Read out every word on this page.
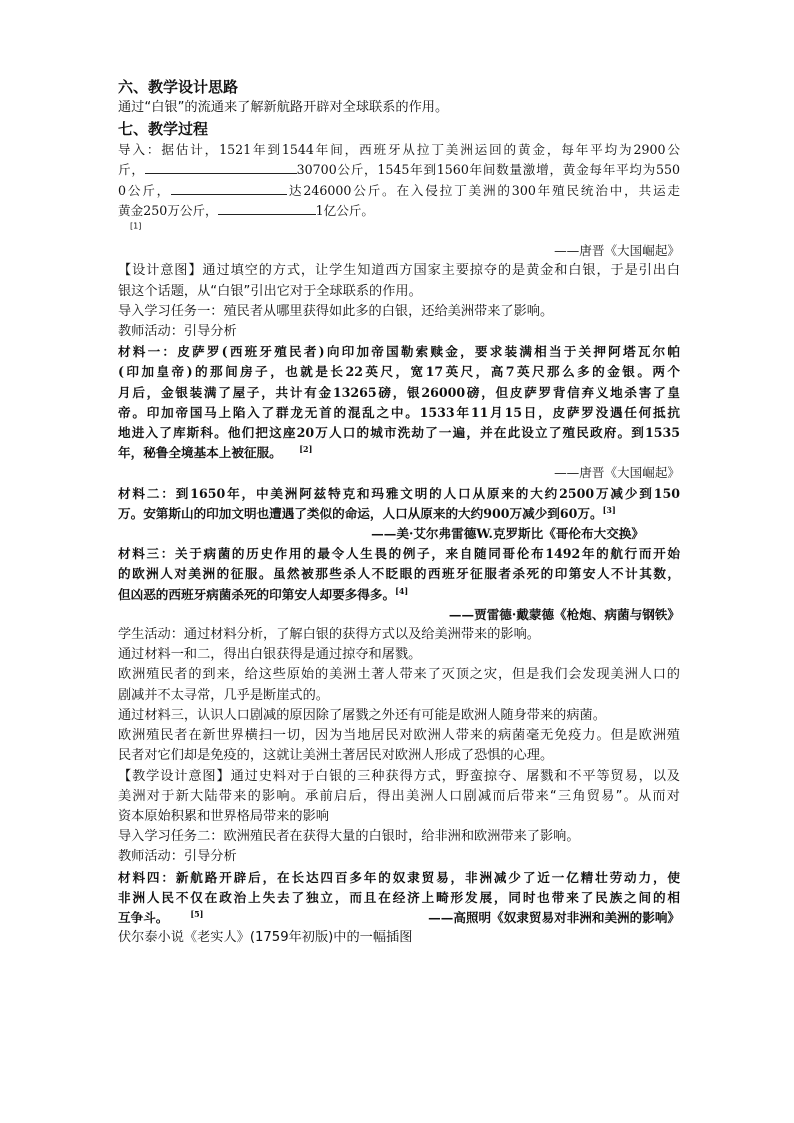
六、教学设计思路
通过“白银”的流通来了解新航路开辟对全球联系的作用。
七、教学过程
导入：据估计，1521年到1544年间，西班牙从拉丁美洲运回的黄金，每年平均为2900公
斤，	30700公斤，1545年到1560年间数量激增，黄金每年平均为550
0公斤，	达246000公斤。在入侵拉丁美洲的300年殖民统治中，共运走
黄金250万公斤，	1亿公斤。
[1]
——唐晋《大国崛起》
【设计意图】通过填空的方式，让学生知道西方国家主要掠夺的是黄金和白银，于是引出白
银这个话题，从“白银”引出它对于全球联系的作用。
导入学习任务一：殖民者从哪里获得如此多的白银，还给美洲带来了影响。
教师活动：引导分析
材料一：皮萨罗(西班牙殖民者)向印加帝国勒索赎金，要求装满相当于关押阿塔瓦尔帕
(印加皇帝)的那间房子，也就是长22英尺，宽17英尺，高7英尺那么多的金银。两个
月后，金银装满了屋子，共计有金13265磅，银26000磅，但皮萨罗背信弃义地杀害了皇
帝。印加帝国马上陷入了群龙无首的混乱之中。1533年11月15日，皮萨罗没遇任何抵抗
地进入了库斯科。他们把这座20万人口的城市洗劫了一遍，并在此设立了殖民政府。到1535
年，秘鲁全境基本上被征服。 [2]
——唐晋《大国崛起》
材料二：到1650年，中美洲阿兹特克和玛雅文明的人口从原来的大约2500万减少到150
万。安第斯山的印加文明也遭遇了类似的命运，人口从原来的大约900万减少到60万。[3]
——美·艾尔弗雷德W.克罗斯比《哥伦布大交换》
材料三：关于病菌的历史作用的最令人生畏的例子，来自随同哥伦布1492年的航行而开始
的欧洲人对美洲的征服。虽然被那些杀人不眨眼的西班牙征服者杀死的印第安人不计其数，
但凶恶的西班牙病菌杀死的印第安人却要多得多。[4]
——贾雷德·戴蒙德《枪炮、病菌与钢铁》
学生活动：通过材料分析，了解白银的获得方式以及给美洲带来的影响。
通过材料一和二，得出白银获得是通过掠夺和屠戮。
欧洲殖民者的到来，给这些原始的美洲土著人带来了灭顶之灾，但是我们会发现美洲人口的
剧减并不太寻常，几乎是断崖式的。
通过材料三，认识人口剧减的原因除了屠戮之外还有可能是欧洲人随身带来的病菌。
欧洲殖民者在新世界横扫一切，因为当地居民对欧洲人带来的病菌毫无免疫力。但是欧洲殖
民者对它们却是免疫的，这就让美洲土著居民对欧洲人形成了恐惧的心理。
【教学设计意图】通过史料对于白银的三种获得方式，野蛮掠夺、屠戮和不平等贸易，以及
美洲对于新大陆带来的影响。承前启后，得出美洲人口剧减而后带来“三角贸易”。从而对
资本原始积累和世界格局带来的影响
导入学习任务二：欧洲殖民者在获得大量的白银时，给非洲和欧洲带来了影响。
教师活动：引导分析
材料四：新航路开辟后，在长达四百多年的奴隶贸易，非洲减少了近一亿精壮劳动力，使
非洲人民不仅在政治上失去了独立，而且在经济上畸形发展，同时也带来了民族之间的相
互争斗。	[5]	——高照明《奴隶贸易对非洲和美洲的影响》
伏尔泰小说《老实人》(1759年初版)中的一幅插图
